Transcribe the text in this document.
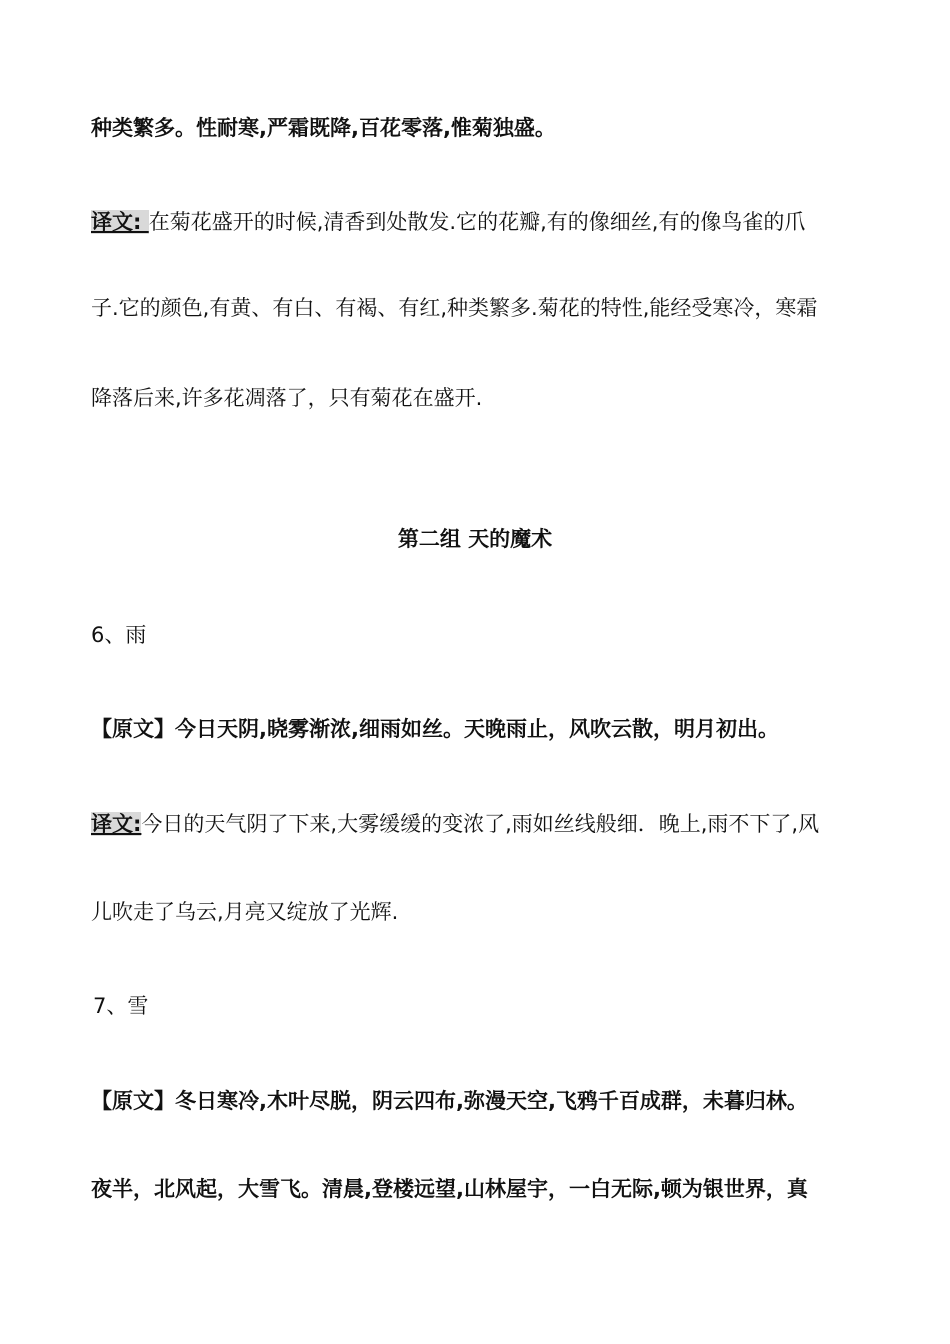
种类繁多。性耐寒,严霜既降,百花零落,惟菊独盛。
译文: 在菊花盛开的时候,清香到处散发.它的花瓣,有的像细丝,有的像鸟雀的爪
子.它的颜色,有黄、有白、有褐、有红,种类繁多.菊花的特性,能经受寒冷，寒霜
降落后来,许多花凋落了，只有菊花在盛开.
第二组 天的魔术
6、雨
【原文】今日天阴,晓雾渐浓,细雨如丝。天晚雨止，风吹云散，明月初出。
译文:今日的天气阴了下来,大雾缓缓的变浓了,雨如丝线般细．晚上,雨不下了,风
儿吹走了乌云,月亮又绽放了光辉.
7、雪
【原文】冬日寒冷,木叶尽脱，阴云四布,弥漫天空,飞鸦千百成群，未暮归林。
夜半，北风起，大雪飞。清晨,登楼远望,山林屋宇，一白无际,顿为银世界，真
